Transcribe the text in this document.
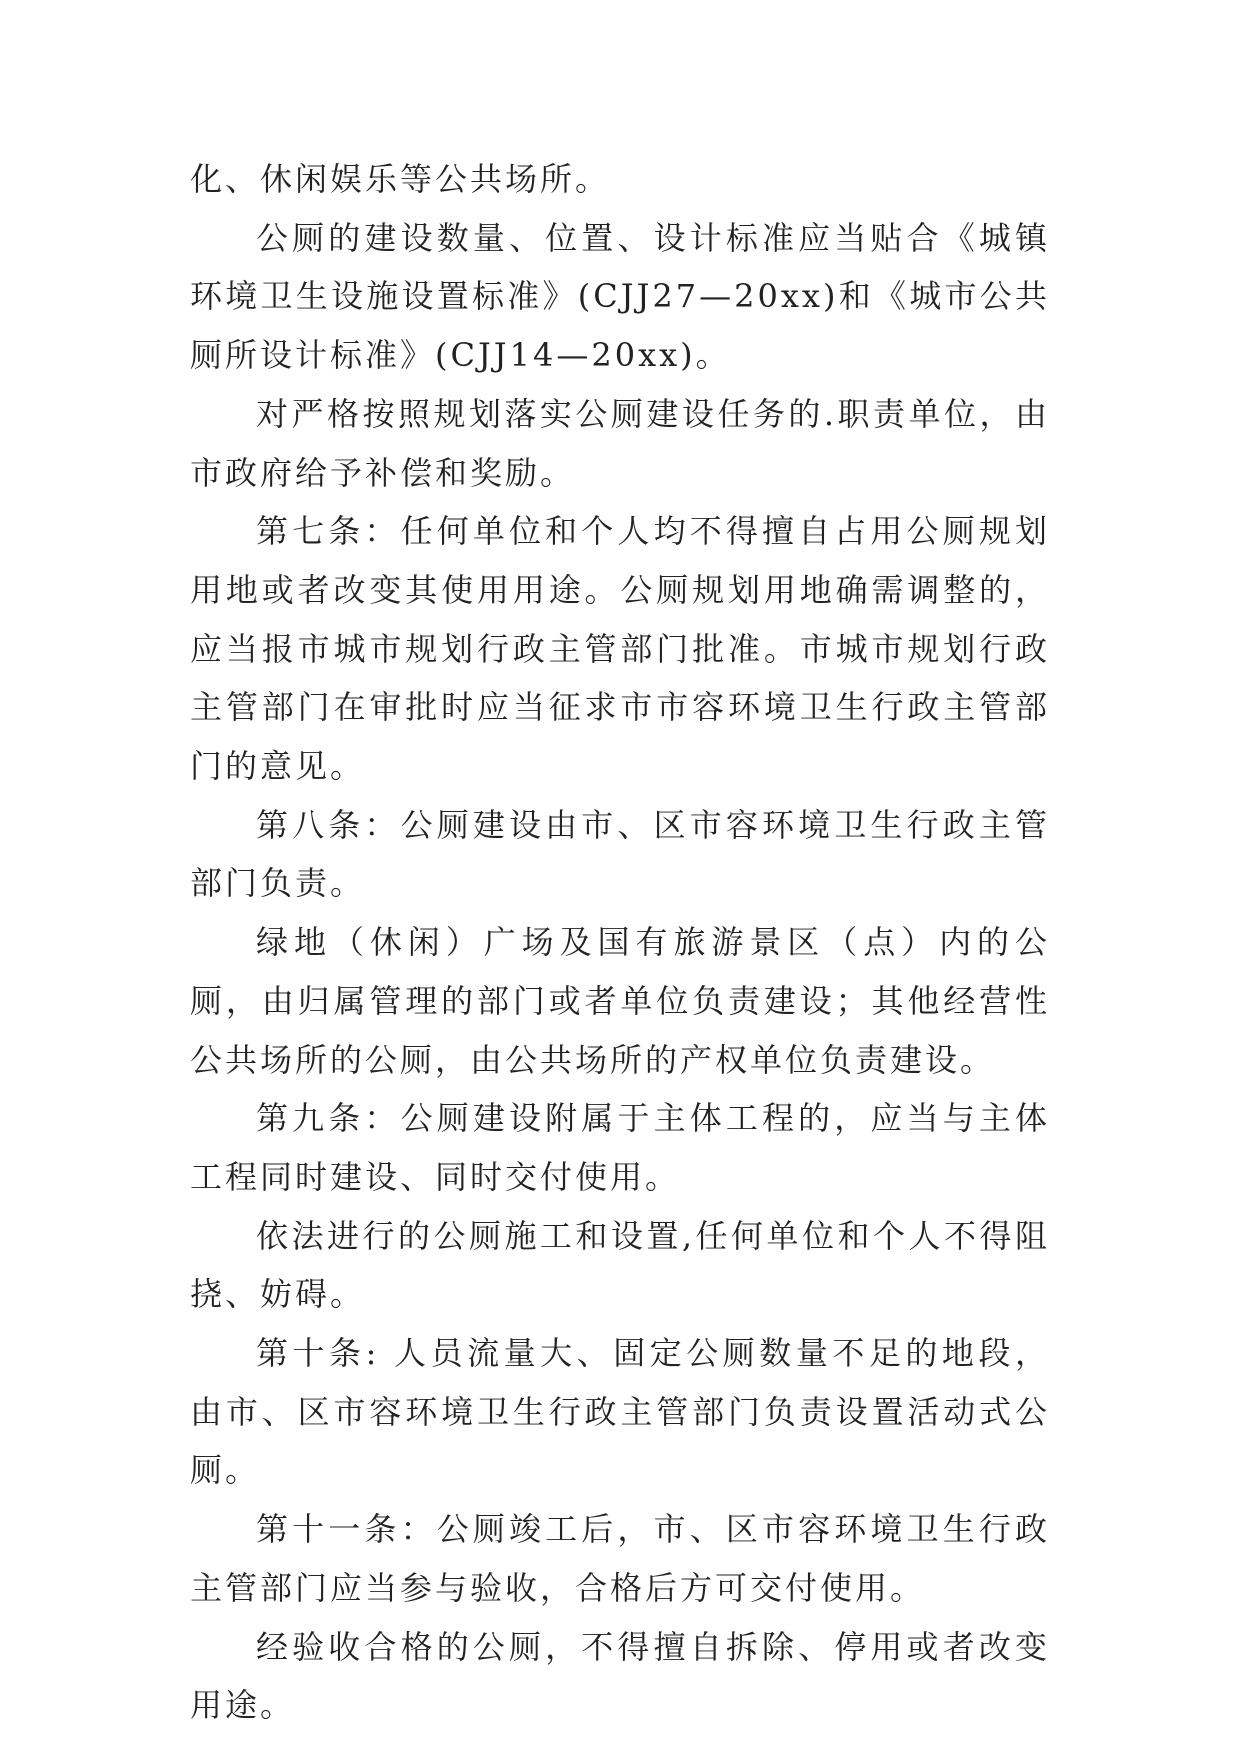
化、休闲娱乐等公共场所。

公厕的建设数量、位置、设计标准应当贴合《城镇环境卫生设施设置标准》(CJJ27—20xx)和《城市公共厕所设计标准》(CJJ14—20xx)。

对严格按照规划落实公厕建设任务的.职责单位，由市政府给予补偿和奖励。

第七条：任何单位和个人均不得擅自占用公厕规划用地或者改变其使用用途。公厕规划用地确需调整的，应当报市城市规划行政主管部门批准。市城市规划行政主管部门在审批时应当征求市市容环境卫生行政主管部门的意见。

第八条：公厕建设由市、区市容环境卫生行政主管部门负责。

绿地（休闲）广场及国有旅游景区（点）内的公厕，由归属管理的部门或者单位负责建设；其他经营性公共场所的公厕，由公共场所的产权单位负责建设。

第九条：公厕建设附属于主体工程的，应当与主体工程同时建设、同时交付使用。

依法进行的公厕施工和设置,任何单位和个人不得阻挠、妨碍。

第十条: 人员流量大、固定公厕数量不足的地段，由市、区市容环境卫生行政主管部门负责设置活动式公厕。

第十一条：公厕竣工后，市、区市容环境卫生行政主管部门应当参与验收，合格后方可交付使用。

经验收合格的公厕，不得擅自拆除、停用或者改变用途。
